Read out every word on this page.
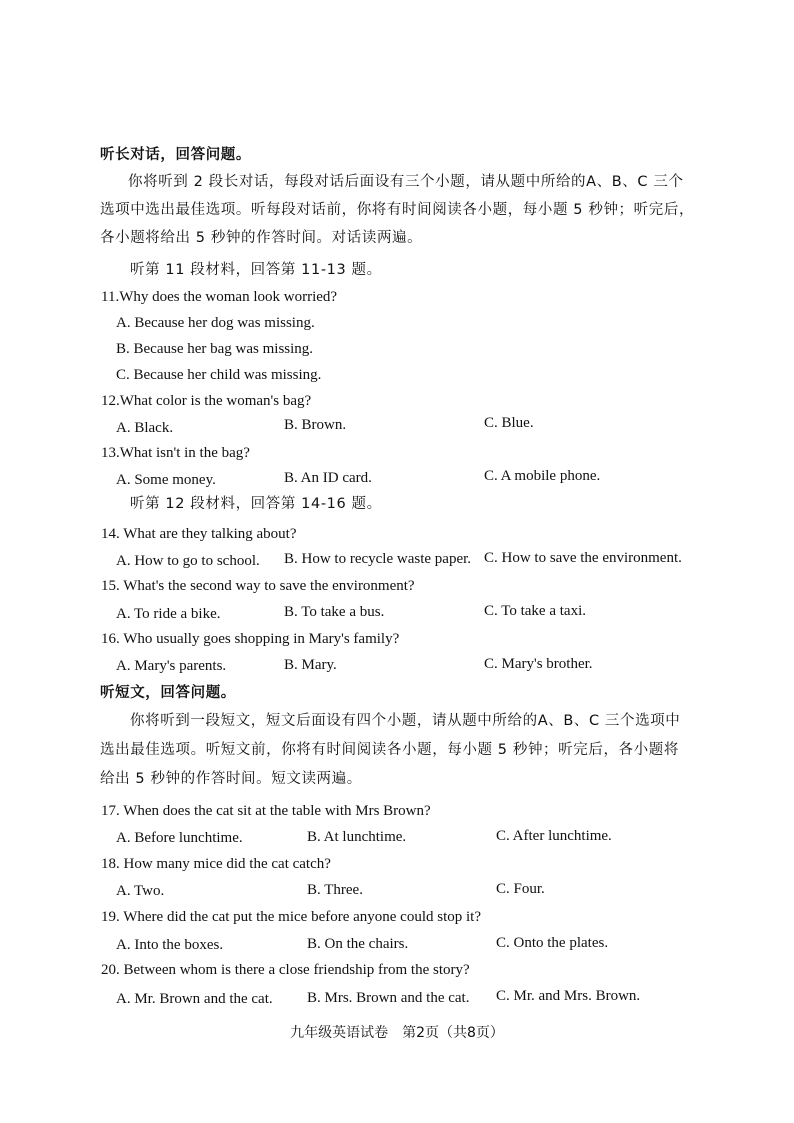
听长对话，回答问题。
你将听到 2 段长对话，每段对话后面设有三个小题，请从题中所给的A、B、C 三个
选项中选出最佳选项。听每段对话前，你将有时间阅读各小题，每小题 5 秒钟；听完后，
各小题将给出 5 秒钟的作答时间。对话读两遍。
听第 11 段材料，回答第 11-13 题。
11.Why does the woman look worried?
A. Because her dog was missing.
B. Because her bag was missing.
C. Because her child was missing.
12.What color is the woman's bag?
A. Black.	B. Brown.	C. Blue.
13.What isn't in the bag?
A. Some money.	B. An ID card.	C. A mobile phone.
听第 12 段材料，回答第 14-16 题。
14. What are they talking about?
A. How to go to school. B. How to recycle waste paper. C. How to save the environment.
15. What's the second way to save the environment?
A. To ride a bike.	B. To take a bus.	C. To take a taxi.
16. Who usually goes shopping in Mary's family?
A. Mary's parents.	B. Mary.	C. Mary's brother.
听短文，回答问题。
你将听到一段短文，短文后面设有四个小题，请从题中所给的A、B、C 三个选项中
选出最佳选项。听短文前，你将有时间阅读各小题，每小题 5 秒钟；听完后，各小题将
给出 5 秒钟的作答时间。短文读两遍。
17. When does the cat sit at the table with Mrs Brown?
A. Before lunchtime.	B. At lunchtime.	C. After lunchtime.
18. How many mice did the cat catch?
A. Two.	B. Three.	C. Four.
19. Where did the cat put the mice before anyone could stop it?
A. Into the boxes.	B. On the chairs.	C. Onto the plates.
20. Between whom is there a close friendship from the story?
A. Mr. Brown and the cat. B. Mrs. Brown and the cat. C. Mr. and Mrs. Brown.
九年级英语试卷　第2页（共8页）
